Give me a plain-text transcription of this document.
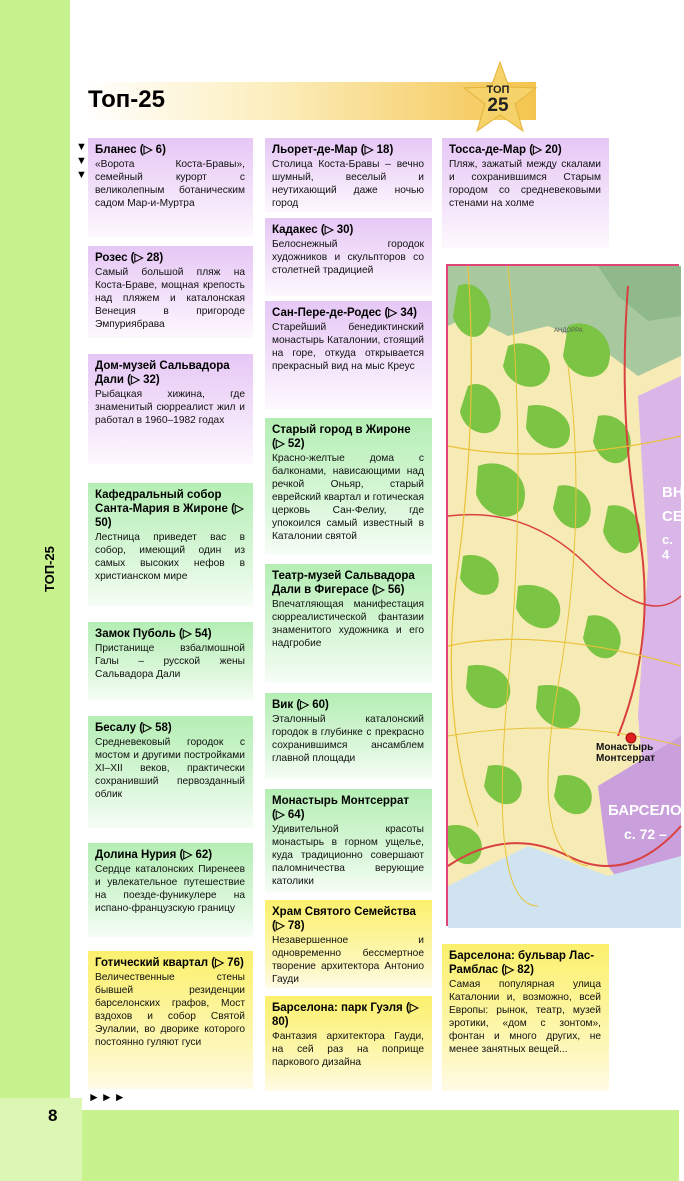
8
ТОП-25
Топ-25	ТОП
25
▼
▼
▼
►►►
Бланес (▷ 6)
«Ворота Коста-Бравы», семейный курорт с великолепным ботаническим садом Мар-и-Муртра
Розес (▷ 28)
Самый большой пляж на Коста-Браве, мощная крепость над пляжем и каталонская Венеция в пригороде Эмпуриябрава
Дом-музей Сальвадора Дали (▷ 32)
Рыбацкая хижина, где знаменитый сюрреалист жил и работал в 1960–1982 годах
Кафедральный собор Санта-Мария в Жироне (▷ 50)
Лестница приведет вас в собор, имеющий один из самых высоких нефов в христианском мире
Замок Пуболь (▷ 54)
Пристанище взбалмошной Галы – русской жены Сальвадора Дали
Бесалу (▷ 58)
Средневековый городок с мостом и другими постройками XI–XII веков, практически сохранивший первозданный облик
Долина Нурия (▷ 62)
Сердце каталонских Пиренеев и увлекательное путешествие на поезде-фуникулере на испано-французскую границу
Готический квартал (▷ 76)
Величественные стены бывшей резиденции барселонских графов, Мост вздохов и собор Святой Эулалии, во дворике которого постоянно гуляют гуси
Льорет-де-Мар (▷ 18)
Столица Коста-Бравы – вечно шумный, веселый и неутихающий даже ночью город
Кадакес (▷ 30)
Белоснежный городок художников и скульпторов со столетней традицией
Сан-Пере-де-Родес (▷ 34)
Старейший бенедиктинский монастырь Каталонии, стоящий на горе, откуда открывается прекрасный вид на мыс Креус
Старый город в Жироне (▷ 52)
Красно-желтые дома с балконами, нависающими над речкой Оньяр, старый еврейский квартал и готическая церковь Сан-Фелиу, где упокоился самый известный в Каталонии святой
Театр-музей Сальвадора Дали в Фигерасе (▷ 56)
Впечатляющая манифестация сюрреалистической фантазии знаменитого художника и его надгробие
Вик (▷ 60)
Эталонный каталонский городок в глубинке с прекрасно сохранившимся ансамблем главной площади
Монастырь Монтсеррат (▷ 64)
Удивительной красоты монастырь в горном ущелье, куда традиционно совершают паломничества верующие католики
Храм Святого Семейства (▷ 78)
Незавершенное и одновременно бессмертное творение архитектора Антонио Гауди
Барселона: парк Гуэля (▷ 80)
Фантазия архитектора Гауди, на сей раз на поприще паркового дизайна
Тосса-де-Мар (▷ 20)
Пляж, зажатый между скалами и сохранившимся Старым городом со средневековыми стенами на холме
Барселона: бульвар Лас-Рамблас (▷ 82)
Самая популярная улица Каталонии и, возможно, всей Европы: рынок, театр, музей эротики, «дом с зонтом», фонтан и много других, не менее занятных вещей...
АНДОРРА
Монастырь Монтсеррат
ВН
СЕ
с. 4
БАРСЕЛО
с. 72 –
